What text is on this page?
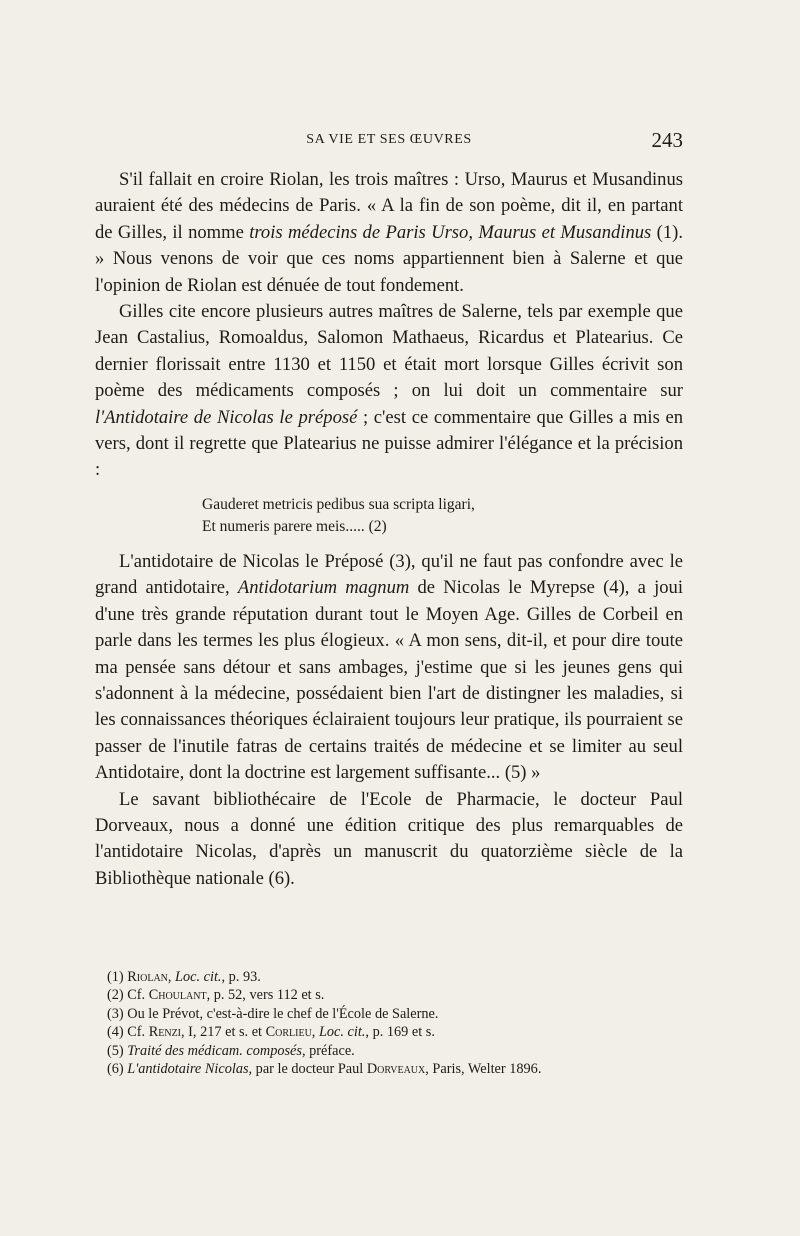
SA VIE ET SES ŒUVRES	243

S'il fallait en croire Riolan, les trois maîtres : Urso, Maurus et Musandinus auraient été des médecins de Paris. « A la fin de son poème, dit il, en partant de Gilles, il nomme trois médecins de Paris Urso, Maurus et Musandinus (1). » Nous venons de voir que ces noms appartiennent bien à Salerne et que l'opinion de Riolan est dénuée de tout fondement.

Gilles cite encore plusieurs autres maîtres de Salerne, tels par exemple que Jean Castalius, Romoaldus, Salomon Mathaeus, Ricardus et Platearius. Ce dernier florissait entre 1130 et 1150 et était mort lorsque Gilles écrivit son poème des médicaments composés ; on lui doit un commentaire sur l'Antidotaire de Nicolas le préposé ; c'est ce commentaire que Gilles a mis en vers, dont il regrette que Platearius ne puisse admirer l'élégance et la précision :

Gauderet metricis pedibus sua scripta ligari,
Et numeris parere meis..... (2)

L'antidotaire de Nicolas le Préposé (3), qu'il ne faut pas confondre avec le grand antidotaire, Antidotarium magnum de Nicolas le Myrepse (4), a joui d'une très grande réputation durant tout le Moyen Age. Gilles de Corbeil en parle dans les termes les plus élogieux. « A mon sens, dit-il, et pour dire toute ma pensée sans détour et sans ambages, j'estime que si les jeunes gens qui s'adonnent à la médecine, possédaient bien l'art de distingner les maladies, si les connaissances théoriques éclairaient toujours leur pratique, ils pourraient se passer de l'inutile fatras de certains traités de médecine et se limiter au seul Antidotaire, dont la doctrine est largement suffisante... (5) »

Le savant bibliothécaire de l'Ecole de Pharmacie, le docteur Paul Dorveaux, nous a donné une édition critique des plus remarquables de l'antidotaire Nicolas, d'après un manuscrit du quatorzième siècle de la Bibliothèque nationale (6).

(1) Riolan, Loc. cit., p. 93.
(2) Cf. Choulant, p. 52, vers 112 et s.
(3) Ou le Prévot, c'est-à-dire le chef de l'École de Salerne.
(4) Cf. Renzi, I, 217 et s. et Corlieu, Loc. cit., p. 169 et s.
(5) Traité des médicam. composés, préface.
(6) L'antidotaire Nicolas, par le docteur Paul Dorveaux, Paris, Welter 1896.
